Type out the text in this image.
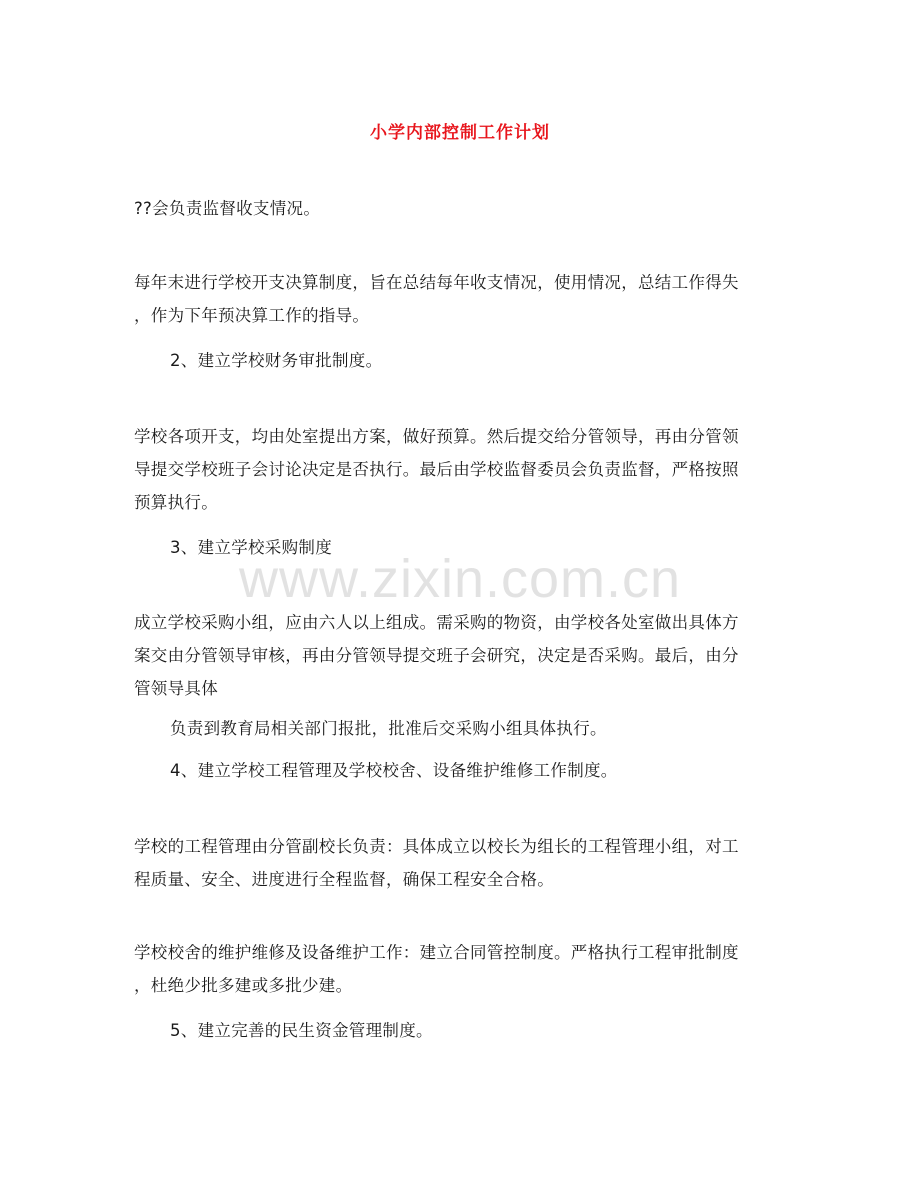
小学内部控制工作计划

??会负责监督收支情况。

每年末进行学校开支决算制度，旨在总结每年收支情况，使用情况，总结工作得失
，作为下年预决算工作的指导。

2、建立学校财务审批制度。

学校各项开支，均由处室提出方案，做好预算。然后提交给分管领导，再由分管领
导提交学校班子会讨论决定是否执行。最后由学校监督委员会负责监督，严格按照
预算执行。

3、建立学校采购制度

成立学校采购小组，应由六人以上组成。需采购的物资，由学校各处室做出具体方
案交由分管领导审核，再由分管领导提交班子会研究，决定是否采购。最后，由分
管领导具体

负责到教育局相关部门报批，批准后交采购小组具体执行。

4、建立学校工程管理及学校校舍、设备维护维修工作制度。

学校的工程管理由分管副校长负责：具体成立以校长为组长的工程管理小组，对工
程质量、安全、进度进行全程监督，确保工程安全合格。

学校校舍的维护维修及设备维护工作：建立合同管控制度。严格执行工程审批制度
，杜绝少批多建或多批少建。

5、建立完善的民生资金管理制度。

www.zixin.com.cn
